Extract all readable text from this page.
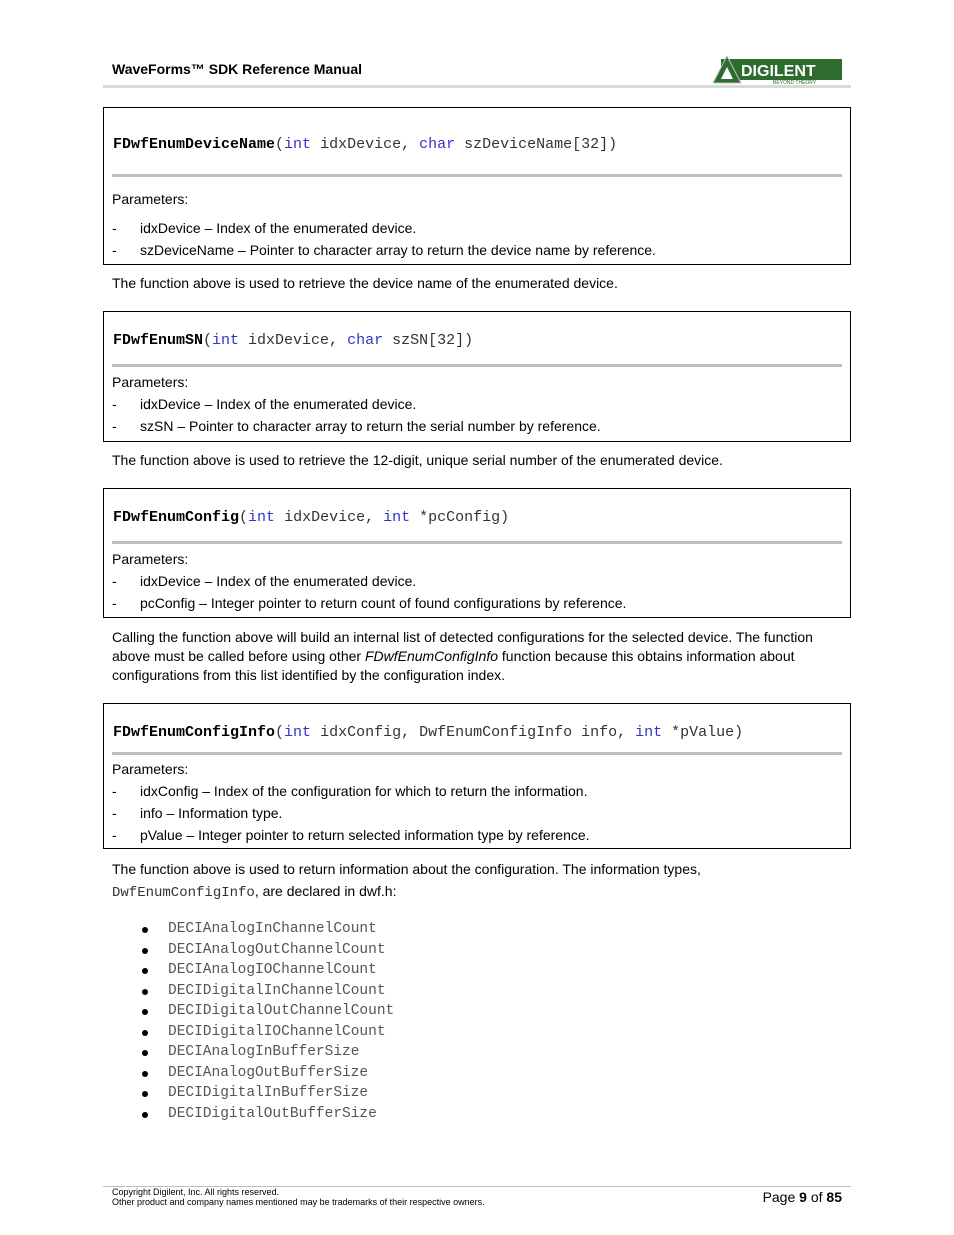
WaveForms™ SDK Reference Manual	DIGILENT
BEYOND THEORY
FDwfEnumDeviceName(int idxDevice, char szDeviceName[32])
Parameters:
- idxDevice – Index of the enumerated device.
- szDeviceName – Pointer to character array to return the device name by reference.
The function above is used to retrieve the device name of the enumerated device.
FDwfEnumSN(int idxDevice, char szSN[32])
Parameters:
- idxDevice – Index of the enumerated device.
- szSN – Pointer to character array to return the serial number by reference.
The function above is used to retrieve the 12-digit, unique serial number of the enumerated device.
FDwfEnumConfig(int idxDevice, int *pcConfig)
Parameters:
- idxDevice – Index of the enumerated device.
- pcConfig – Integer pointer to return count of found configurations by reference.
Calling the function above will build an internal list of detected configurations for the selected device. The function above must be called before using other FDwfEnumConfigInfo function because this obtains information about configurations from this list identified by the configuration index.
FDwfEnumConfigInfo(int idxConfig, DwfEnumConfigInfo info, int *pValue)
Parameters:
- idxConfig – Index of the configuration for which to return the information.
- info – Information type.
- pValue – Integer pointer to return selected information type by reference.
The function above is used to return information about the configuration. The information types,
DwfEnumConfigInfo, are declared in dwf.h:
DECIAnalogInChannelCount
DECIAnalogOutChannelCount
DECIAnalogIOChannelCount
DECIDigitalInChannelCount
DECIDigitalOutChannelCount
DECIDigitalIOChannelCount
DECIAnalogInBufferSize
DECIAnalogOutBufferSize
DECIDigitalInBufferSize
DECIDigitalOutBufferSize
Copyright Digilent, Inc. All rights reserved.
Other product and company names mentioned may be trademarks of their respective owners.	Page 9 of 85
